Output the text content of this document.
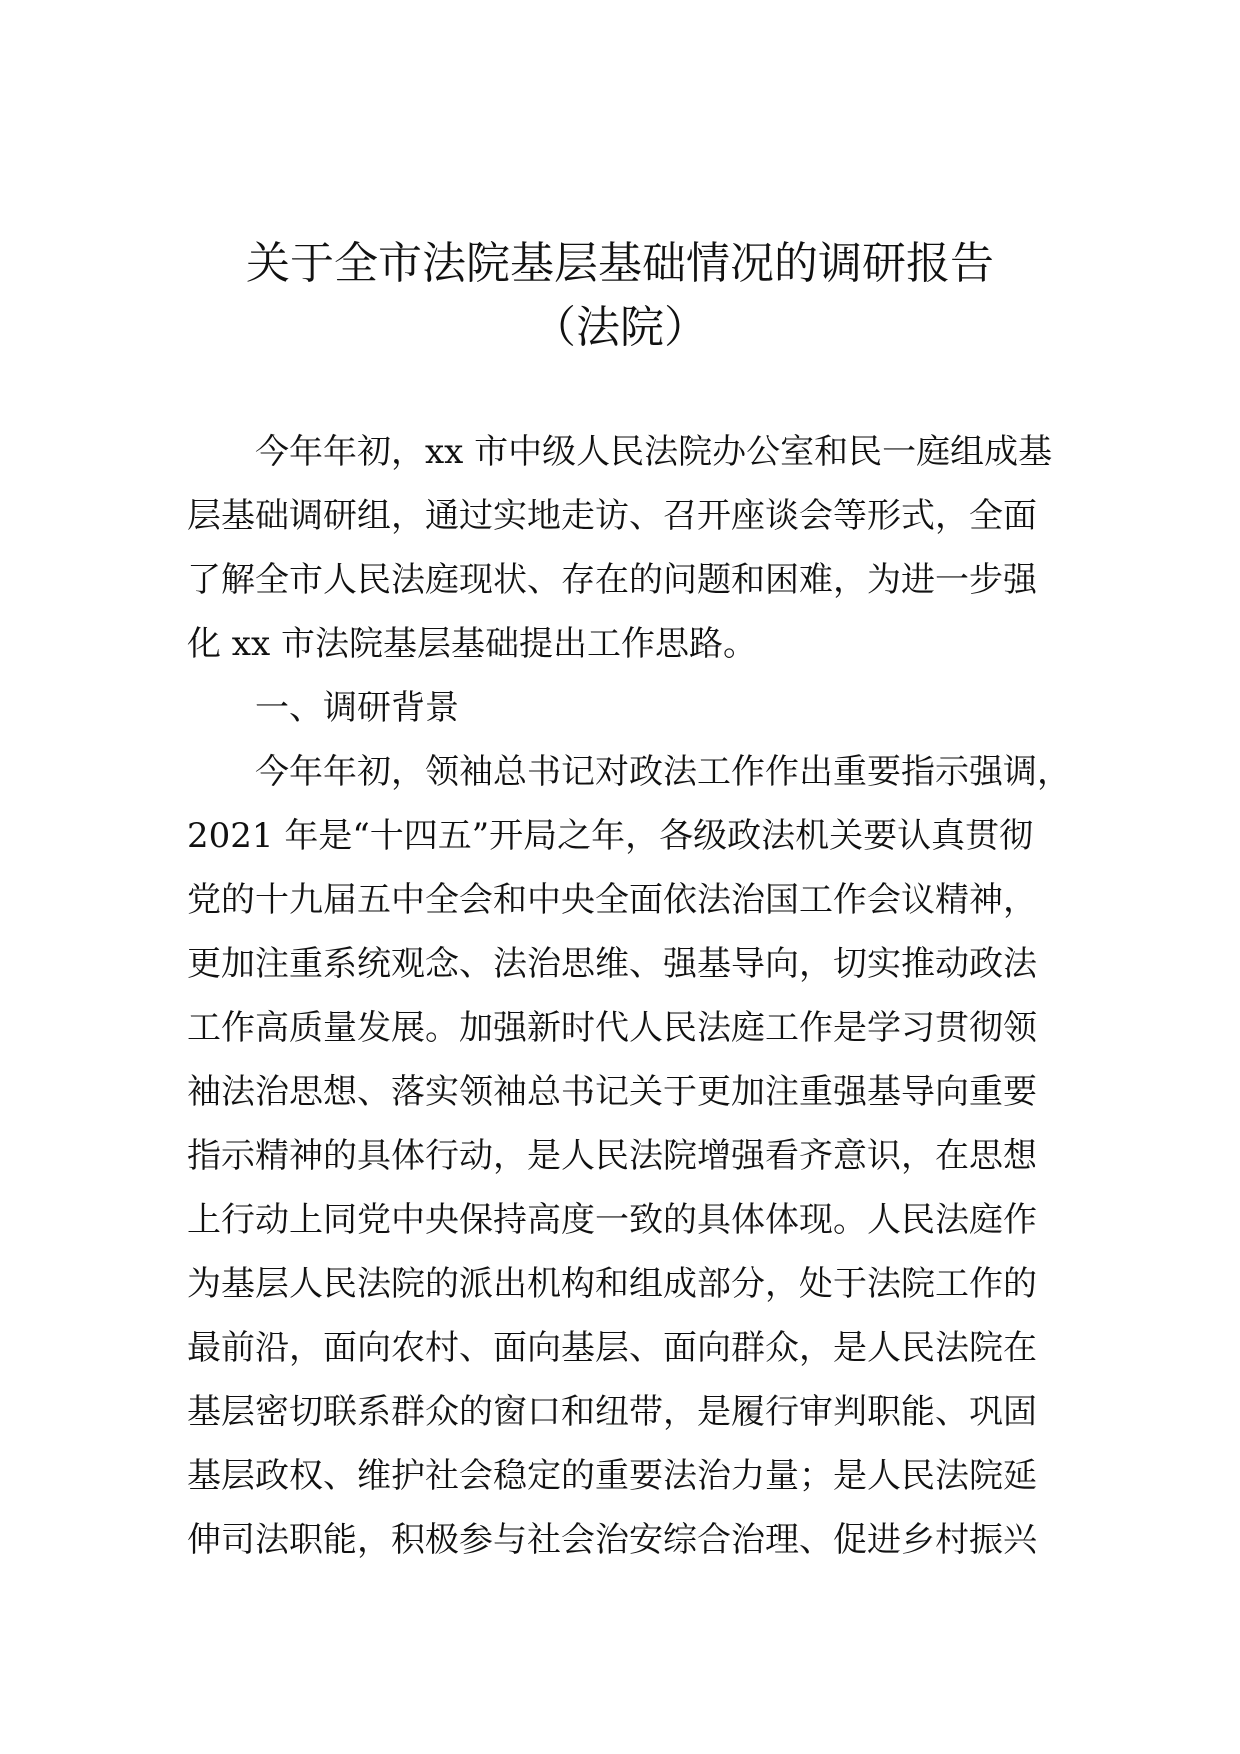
关于全市法院基层基础情况的调研报告
（法院）
　　今年年初，xx 市中级人民法院办公室和民一庭组成基
层基础调研组，通过实地走访、召开座谈会等形式，全面
了解全市人民法庭现状、存在的问题和困难，为进一步强
化 xx 市法院基层基础提出工作思路。
　　一、调研背景
　　今年年初，领袖总书记对政法工作作出重要指示强调，
2021 年是“十四五”开局之年，各级政法机关要认真贯彻
党的十九届五中全会和中央全面依法治国工作会议精神，
更加注重系统观念、法治思维、强基导向，切实推动政法
工作高质量发展。加强新时代人民法庭工作是学习贯彻领
袖法治思想、落实领袖总书记关于更加注重强基导向重要
指示精神的具体行动，是人民法院增强看齐意识，在思想
上行动上同党中央保持高度一致的具体体现。人民法庭作
为基层人民法院的派出机构和组成部分，处于法院工作的
最前沿，面向农村、面向基层、面向群众，是人民法院在
基层密切联系群众的窗口和纽带，是履行审判职能、巩固
基层政权、维护社会稳定的重要法治力量；是人民法院延
伸司法职能，积极参与社会治安综合治理、促进乡村振兴
